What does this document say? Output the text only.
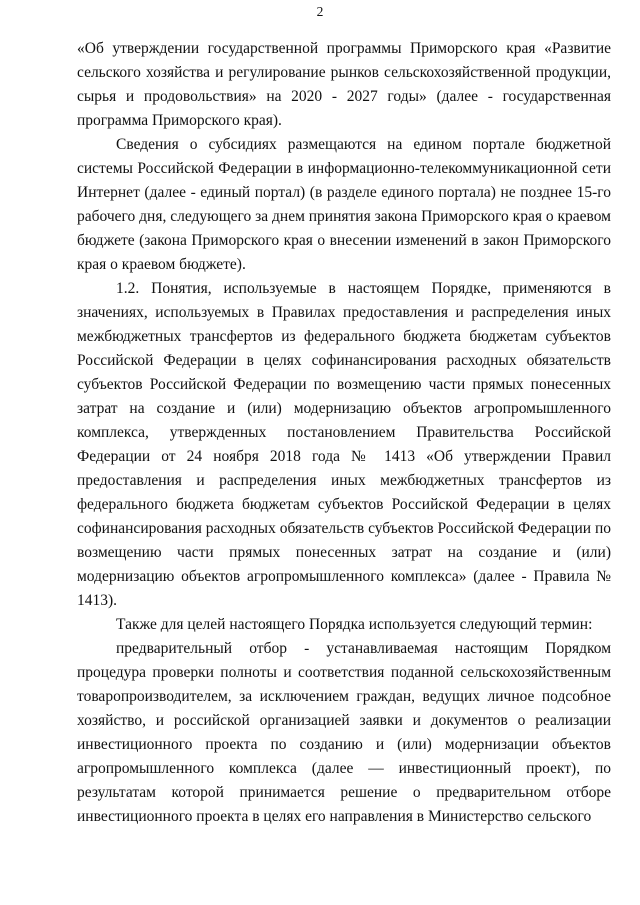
2

«Об утверждении государственной программы Приморского края «Развитие сельского хозяйства и регулирование рынков сельскохозяйственной продукции, сырья и продовольствия» на 2020 - 2027 годы» (далее - государственная программа Приморского края).

Сведения о субсидиях размещаются на едином портале бюджетной системы Российской Федерации в информационно-телекоммуникационной сети Интернет (далее - единый портал) (в разделе единого портала) не позднее 15-го рабочего дня, следующего за днем принятия закона Приморского края о краевом бюджете (закона Приморского края о внесении изменений в закон Приморского края о краевом бюджете).

1.2. Понятия, используемые в настоящем Порядке, применяются в значениях, используемых в Правилах предоставления и распределения иных межбюджетных трансфертов из федерального бюджета бюджетам субъектов Российской Федерации в целях софинансирования расходных обязательств субъектов Российской Федерации по возмещению части прямых понесенных затрат на создание и (или) модернизацию объектов агропромышленного комплекса, утвержденных постановлением Правительства Российской Федерации от 24 ноября 2018 года № 1413 «Об утверждении Правил предоставления и распределения иных межбюджетных трансфертов из федерального бюджета бюджетам субъектов Российской Федерации в целях софинансирования расходных обязательств субъектов Российской Федерации по возмещению части прямых понесенных затрат на создание и (или) модернизацию объектов агропромышленного комплекса» (далее - Правила № 1413).

Также для целей настоящего Порядка используется следующий термин:

предварительный отбор - устанавливаемая настоящим Порядком процедура проверки полноты и соответствия поданной сельскохозяйственным товаропроизводителем, за исключением граждан, ведущих личное подсобное хозяйство, и российской организацией заявки и документов о реализации инвестиционного проекта по созданию и (или) модернизации объектов агропромышленного комплекса (далее — инвестиционный проект), по результатам которой принимается решение о предварительном отборе инвестиционного проекта в целях его направления в Министерство сельского
